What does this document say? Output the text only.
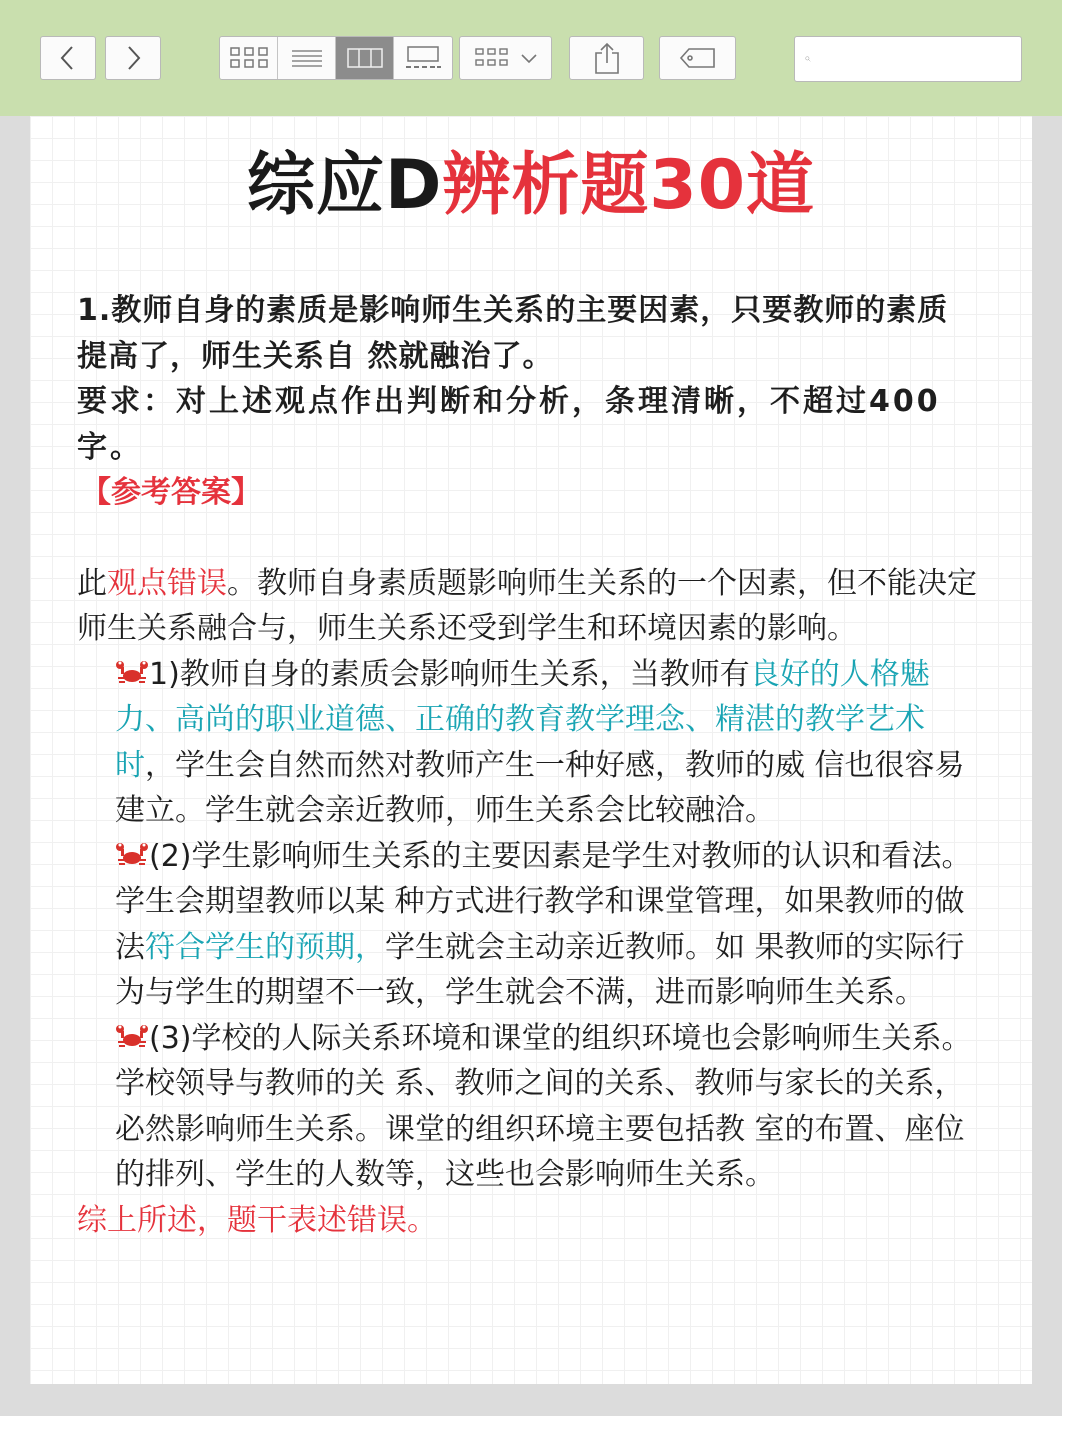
综应D辨析题30道

1.教师自身的素质是影响师生关系的主要因素，只要教师的素质提高了，师生关系自 然就融治了。

要求：对上述观点作出判断和分析，条理清晰，不超过400字。

【参考答案】

此观点错误。教师自身素质题影响师生关系的一个因素，但不能决定师生关系融合与，师生关系还受到学生和环境因素的影响。

1)教师自身的素质会影响师生关系，当教师有良好的人格魅力、高尚的职业道德、正确的教育教学理念、精湛的教学艺术时，学生会自然而然对教师产生一种好感，教师的威 信也很容易建立。学生就会亲近教师，师生关系会比较融洽。

(2)学生影响师生关系的主要因素是学生对教师的认识和看法。学生会期望教师以某 种方式进行教学和课堂管理，如果教师的做法符合学生的预期，学生就会主动亲近教师。如 果教师的实际行为与学生的期望不一致，学生就会不满，进而影响师生关系。

(3)学校的人际关系环境和课堂的组织环境也会影响师生关系。学校领导与教师的关 系、教师之间的关系、教师与家长的关系，必然影响师生关系。课堂的组织环境主要包括教 室的布置、座位的排列、学生的人数等，这些也会影响师生关系。

综上所述，题干表述错误。
